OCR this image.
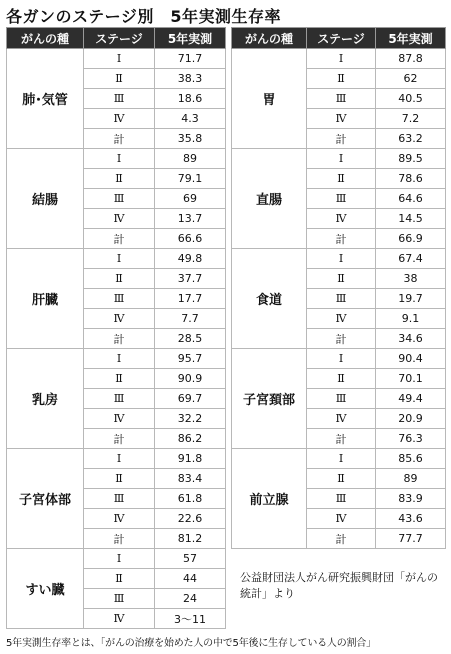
各ガンのステージ別　5年実測生存率
がんの種	ステージ	5年実測
肺･気管	Ⅰ	71.7
	Ⅱ	38.3
	Ⅲ	18.6
	Ⅳ	4.3
	計	35.8
結腸	Ⅰ	89
	Ⅱ	79.1
	Ⅲ	69
	Ⅳ	13.7
	計	66.6
肝臓	Ⅰ	49.8
	Ⅱ	37.7
	Ⅲ	17.7
	Ⅳ	7.7
	計	28.5
乳房	Ⅰ	95.7
	Ⅱ	90.9
	Ⅲ	69.7
	Ⅳ	32.2
	計	86.2
子宮体部	Ⅰ	91.8
	Ⅱ	83.4
	Ⅲ	61.8
	Ⅳ	22.6
	計	81.2
すい臓	Ⅰ	57
	Ⅱ	44
	Ⅲ	24
	Ⅳ	3〜11
がんの種	ステージ	5年実測
胃	Ⅰ	87.8
	Ⅱ	62
	Ⅲ	40.5
	Ⅳ	7.2
	計	63.2
直腸	Ⅰ	89.5
	Ⅱ	78.6
	Ⅲ	64.6
	Ⅳ	14.5
	計	66.9
食道	Ⅰ	67.4
	Ⅱ	38
	Ⅲ	19.7
	Ⅳ	9.1
	計	34.6
子宮頚部	Ⅰ	90.4
	Ⅱ	70.1
	Ⅲ	49.4
	Ⅳ	20.9
	計	76.3
前立腺	Ⅰ	85.6
	Ⅱ	89
	Ⅲ	83.9
	Ⅳ	43.6
	計	77.7
公益財団法人がん研究振興財団「がんの統計」より
5年実測生存率とは、「がんの治療を始めた人の中で5年後に生存している人の割合」
